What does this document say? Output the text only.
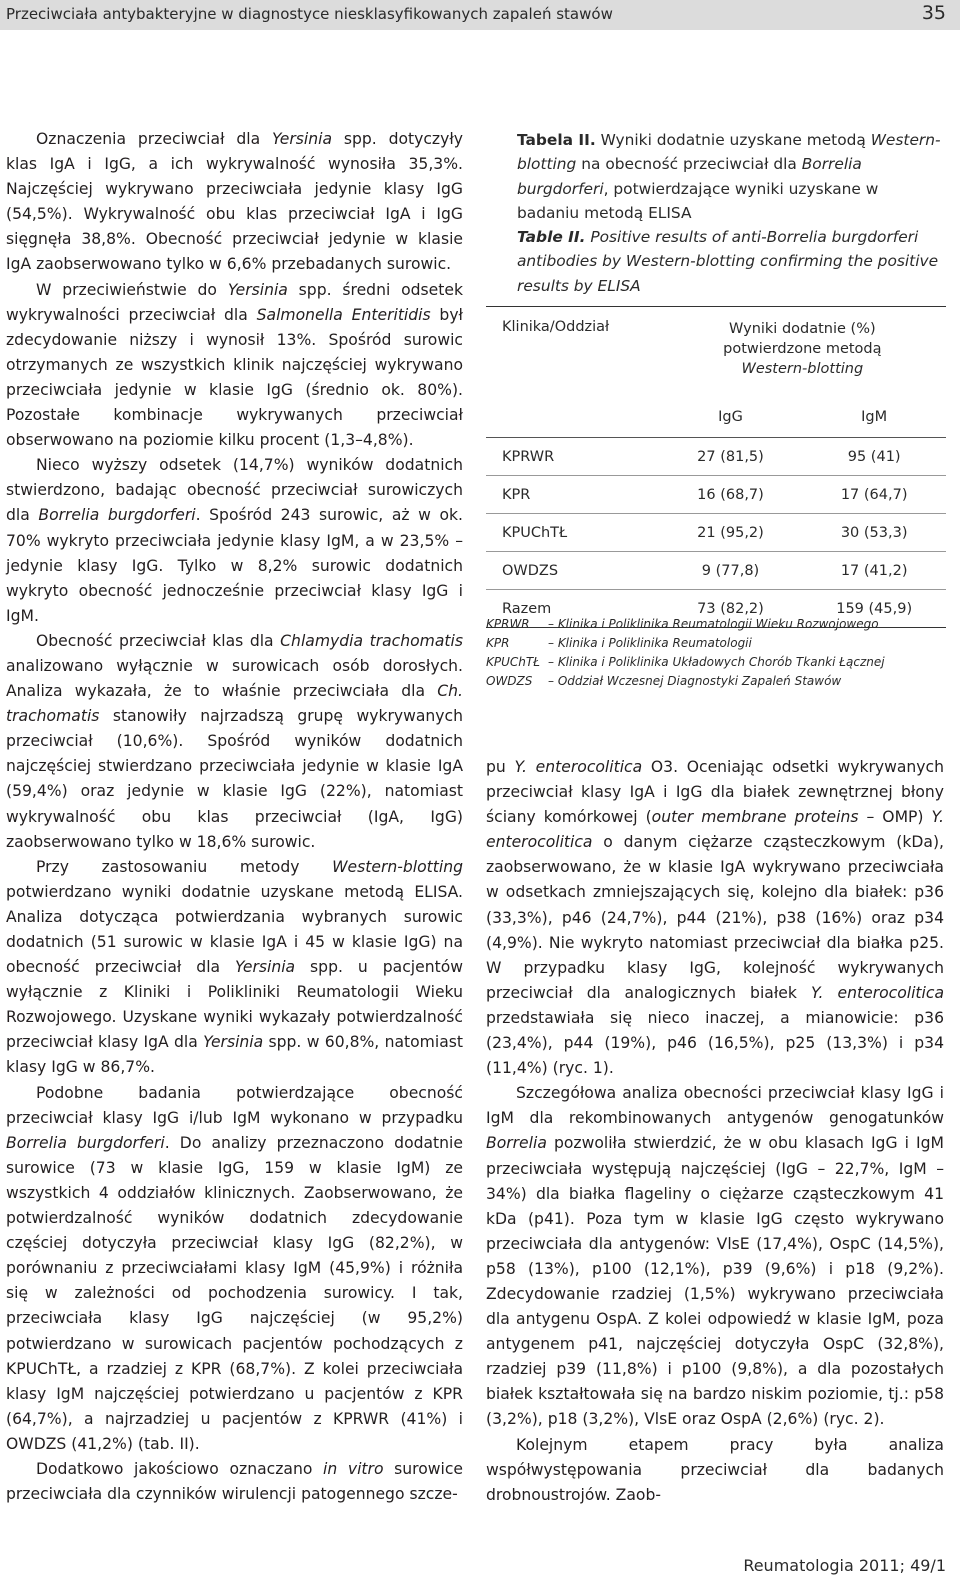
Przeciwciała antybakteryjne w diagnostyce niesklasyfikowanych zapaleń stawów	35

Oznaczenia przeciwciał dla Yersinia spp. dotyczyły klas IgA i IgG, a ich wykrywalność wynosiła 35,3%. Najczęściej wykrywano przeciwciała jedynie klasy IgG (54,5%). Wykrywalność obu klas przeciwciał IgA i IgG sięgnęła 38,8%. Obecność przeciwciał jedynie w klasie IgA zaobserwowano tylko w 6,6% przebadanych surowic.

W przeciwieństwie do Yersinia spp. średni odsetek wykrywalności przeciwciał dla Salmonella Enteritidis był zdecydowanie niższy i wynosił 13%. Spośród surowic otrzymanych ze wszystkich klinik najczęściej wykrywano przeciwciała jedynie w klasie IgG (średnio ok. 80%). Pozostałe kombinacje wykrywanych przeciwciał obserwowano na poziomie kilku procent (1,3–4,8%).

Nieco wyższy odsetek (14,7%) wyników dodatnich stwierdzono, badając obecność przeciwciał surowiczych dla Borrelia burgdorferi. Spośród 243 surowic, aż w ok. 70% wykryto przeciwciała jedynie klasy IgM, a w 23,5% – jedynie klasy IgG. Tylko w 8,2% surowic dodatnich wykryto obecność jednocześnie przeciwciał klasy IgG i IgM.

Obecność przeciwciał klas dla Chlamydia trachomatis analizowano wyłącznie w surowicach osób dorosłych. Analiza wykazała, że to właśnie przeciwciała dla Ch. trachomatis stanowiły najrzadszą grupę wykrywanych przeciwciał (10,6%). Spośród wyników dodatnich najczęściej stwierdzano przeciwciała jedynie w klasie IgA (59,4%) oraz jedynie w klasie IgG (22%), natomiast wykrywalność obu klas przeciwciał (IgA, IgG) zaobserwowano tylko w 18,6% surowic.

Przy zastosowaniu metody Western-blotting potwierdzano wyniki dodatnie uzyskane metodą ELISA. Analiza dotycząca potwierdzania wybranych surowic dodatnich (51 surowic w klasie IgA i 45 w klasie IgG) na obecność przeciwciał dla Yersinia spp. u pacjentów wyłącznie z Kliniki i Polikliniki Reumatologii Wieku Rozwojowego. Uzyskane wyniki wykazały potwierdzalność przeciwciał klasy IgA dla Yersinia spp. w 60,8%, natomiast klasy IgG w 86,7%.

Podobne badania potwierdzające obecność przeciwciał klasy IgG i/lub IgM wykonano w przypadku Borrelia burgdorferi. Do analizy przeznaczono dodatnie surowice (73 w klasie IgG, 159 w klasie IgM) ze wszystkich 4 oddziałów klinicznych. Zaobserwowano, że potwierdzalność wyników dodatnich zdecydowanie częściej dotyczyła przeciwciał klasy IgG (82,2%), w porównaniu z przeciwciałami klasy IgM (45,9%) i różniła się w zależności od pochodzenia surowicy. I tak, przeciwciała klasy IgG najczęściej (w 95,2%) potwierdzano w surowicach pacjentów pochodzących z KPUChTŁ, a rzadziej z KPR (68,7%). Z kolei przeciwciała klasy IgM najczęściej potwierdzano u pacjentów z KPR (64,7%), a najrzadziej u pacjentów z KPRWR (41%) i OWDZS (41,2%) (tab. II).

Dodatkowo jakościowo oznaczano in vitro surowice przeciwciała dla czynników wirulencji patogennego szcze-

Tabela II. Wyniki dodatnie uzyskane metodą Western-blotting na obecność przeciwciał dla Borrelia burgdorferi, potwierdzające wyniki uzyskane w badaniu metodą ELISA
Table II. Positive results of anti-Borrelia burgdorferi antibodies by Western-blotting confirming the positive results by ELISA
Klinika/Oddział	Wyniki dodatnie (%)
potwierdzone metodą
Western-blotting	

	IgG	IgM
KPRWR	27 (81,5)	95 (41)
KPR	16 (68,7)	17 (64,7)
KPUChTŁ	21 (95,2)	30 (53,3)
OWDZS	9 (77,8)	17 (41,2)
Razem	73 (82,2)	159 (45,9)
KPRWR	– Klinika i Poliklinika Reumatologii Wieku Rozwojowego
KPR	– Klinika i Poliklinika Reumatologii
KPUChTŁ – Klinika i Poliklinika Układowych Chorób Tkanki Łącznej
OWDZS	– Oddział Wczesnej Diagnostyki Zapaleń Stawów

pu Y. enterocolitica O3. Oceniając odsetki wykrywanych przeciwciał klasy IgA i IgG dla białek zewnętrznej błony ściany komórkowej (outer membrane proteins – OMP) Y. enterocolitica o danym ciężarze cząsteczkowym (kDa), zaobserwowano, że w klasie IgA wykrywano przeciwciała w odsetkach zmniejszających się, kolejno dla białek: p36 (33,3%), p46 (24,7%), p44 (21%), p38 (16%) oraz p34 (4,9%). Nie wykryto natomiast przeciwciał dla białka p25. W przypadku klasy IgG, kolejność wykrywanych przeciwciał dla analogicznych białek Y. enterocolitica przedstawiała się nieco inaczej, a mianowicie: p36 (23,4%), p44 (19%), p46 (16,5%), p25 (13,3%) i p34 (11,4%) (ryc. 1).

Szczegółowa analiza obecności przeciwciał klasy IgG i IgM dla rekombinowanych antygenów genogatunków Borrelia pozwoliła stwierdzić, że w obu klasach IgG i IgM przeciwciała występują najczęściej (IgG – 22,7%, IgM – 34%) dla białka flageliny o ciężarze cząsteczkowym 41 kDa (p41). Poza tym w klasie IgG często wykrywano przeciwciała dla antygenów: VlsE (17,4%), OspC (14,5%), p58 (13%), p100 (12,1%), p39 (9,6%) i p18 (9,2%). Zdecydowanie rzadziej (1,5%) wykrywano przeciwciała dla antygenu OspA. Z kolei odpowiedź w klasie IgM, poza antygenem p41, najczęściej dotyczyła OspC (32,8%), rzadziej p39 (11,8%) i p100 (9,8%), a dla pozostałych białek kształtowała się na bardzo niskim poziomie, tj.: p58 (3,2%), p18 (3,2%), VlsE oraz OspA (2,6%) (ryc. 2).

Kolejnym etapem pracy była analiza współwystępowania przeciwciał dla badanych drobnoustrojów. Zaob-

Reumatologia 2011; 49/1
